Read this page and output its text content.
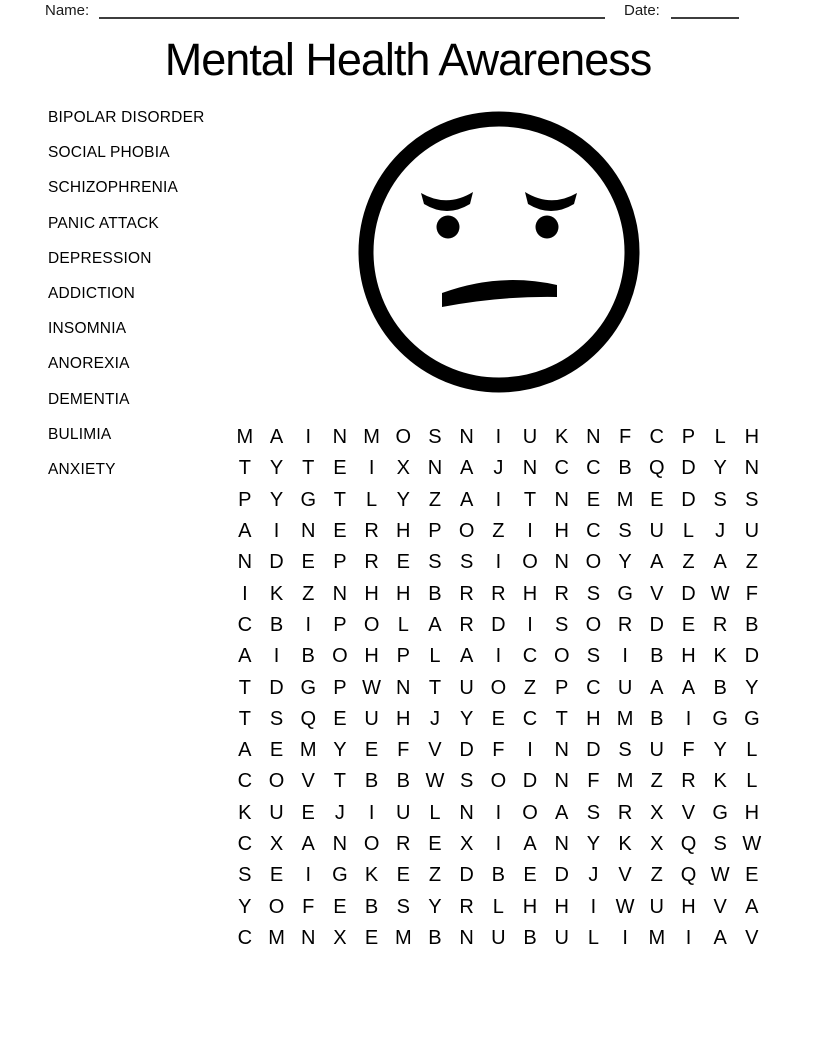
Name:	Date:
Mental Health Awareness
BIPOLAR DISORDER
SOCIAL PHOBIA
SCHIZOPHRENIA
PANIC ATTACK
DEPRESSION
ADDICTION
INSOMNIA
ANOREXIA
DEMENTIA
BULIMIA
ANXIETY
M A	I	N M O S N	I	U K N F C P L H
T Y T E	I	X N A	J N C C B Q D Y N
P Y G T	L Y Z A	I	T N E M E D S S
A	I	N E R H P O Z	I	H C S U L	J U
N D E P R E S S	I	O N O Y A Z A Z
I	K Z N H H B R R H R S G V D W F
C B	I	P O L A R D	I	S O R D E R B
A	I	B O H P L A	I	C O S	I	B H K D
T D G P W N T U O Z P C U A A B Y
T S Q E U H J	Y E C T H M B	I	G G
A E M Y E F V D F	I	N D S U F Y L
C O V T B B W S O D N F M Z R K L
K U E	J	I	U L N	I	O A S R X V G H
C X A N O R E X	I	A N Y K X Q S W
S E	I	G K E Z D B E D J	V Z Q W E
Y O F E B S Y R L H H	I W U H V A
C M N X E M B N U B U L	I	M	I	A V
